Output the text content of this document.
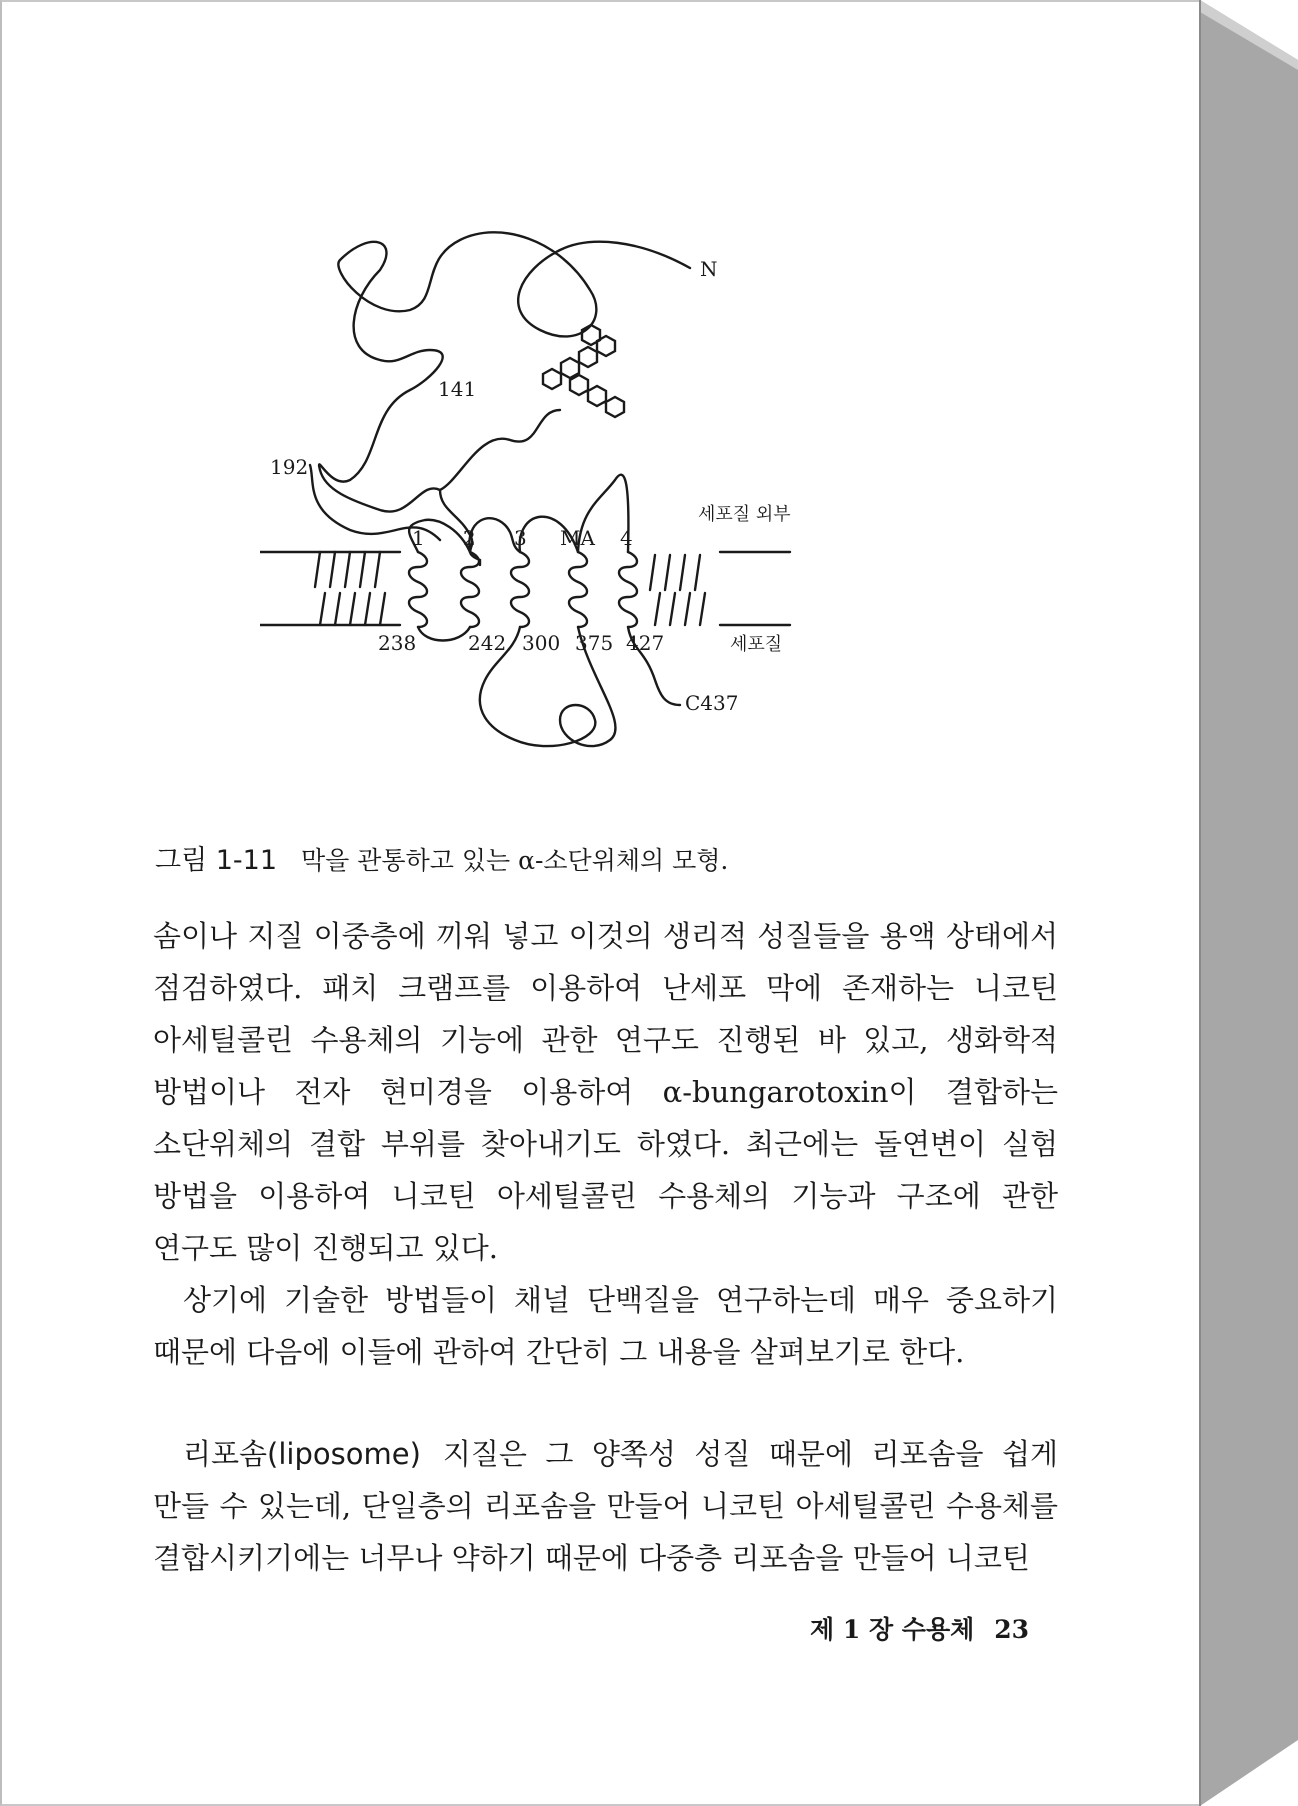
N
141
192
1 2 3 MA 4
238	242 300 375 427
C437
세포질 외부
세포질
그림 1-11 막을 관통하고 있는 α-소단위체의 모형.

솜이나 지질 이중층에 끼워 넣고 이것의 생리적 성질들을 용액 상태에서 점검하였다. 패치 크램프를 이용하여 난세포 막에 존재하는 니코틴 아세틸콜린 수용체의 기능에 관한 연구도 진행된 바 있고, 생화학적 방법이나 전자 현미경을 이용하여 α-bungarotoxin이 결합하는 소단위체의 결합 부위를 찾아내기도 하였다. 최근에는 돌연변이 실험 방법을 이용하여 니코틴 아세틸콜린 수용체의 기능과 구조에 관한 연구도 많이 진행되고 있다.

상기에 기술한 방법들이 채널 단백질을 연구하는데 매우 중요하기 때문에 다음에 이들에 관하여 간단히 그 내용을 살펴보기로 한다.

리포솜(liposome) 지질은 그 양쪽성 성질 때문에 리포솜을 쉽게 만들 수 있는데, 단일층의 리포솜을 만들어 니코틴 아세틸콜린 수용체를 결합시키기에는 너무나 약하기 때문에 다중층 리포솜을 만들어 니코틴

제 1 장 수용체 23
